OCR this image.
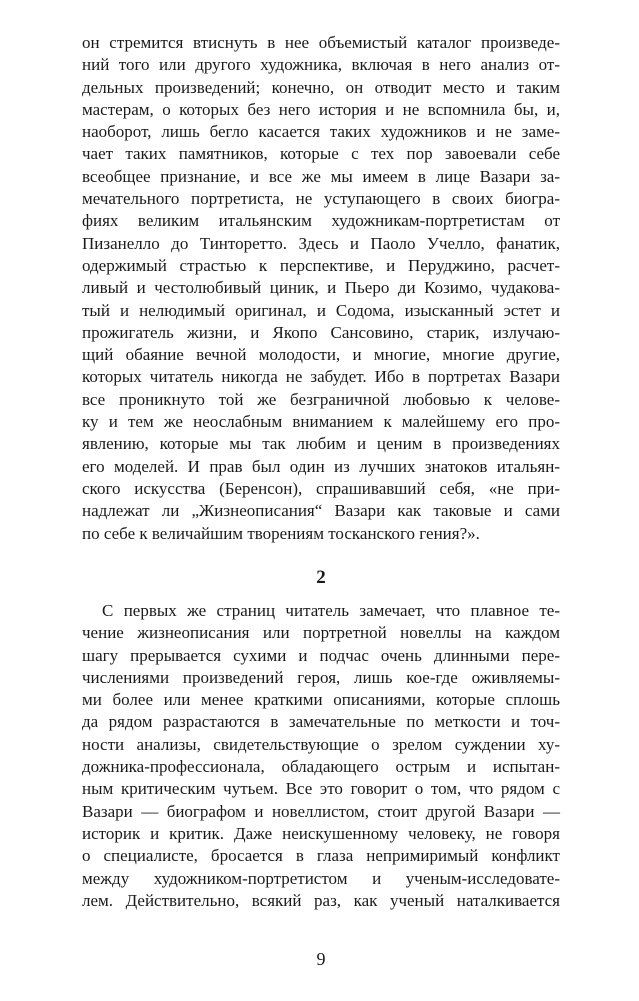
он стремится втиснуть в нее объемистый каталог произведе-
ний того или другого художника, включая в него анализ от-
дельных произведений; конечно, он отводит место и таким
мастерам, о которых без него история и не вспомнила бы, и,
наоборот, лишь бегло касается таких художников и не заме-
чает таких памятников, которые с тех пор завоевали себе
всеобщее признание, и все же мы имеем в лице Вазари за-
мечательного портретиста, не уступающего в своих биогра-
фиях великим итальянским художникам-портретистам от
Пизанелло до Тинторетто. Здесь и Паоло Учелло, фанатик,
одержимый страстью к перспективе, и Перуджино, расчет-
ливый и честолюбивый циник, и Пьеро ди Козимо, чудакова-
тый и нелюдимый оригинал, и Содома, изысканный эстет и
прожигатель жизни, и Якопо Сансовино, старик, излучаю-
щий обаяние вечной молодости, и многие, многие другие,
которых читатель никогда не забудет. Ибо в портретах Вазари
все проникнуто той же безграничной любовью к челове-
ку и тем же неослабным вниманием к малейшему его про-
явлению, которые мы так любим и ценим в произведениях
его моделей. И прав был один из лучших знатоков итальян-
ского искусства (Беренсон), спрашивавший себя, «не при-
надлежат ли „Жизнеописания“ Вазари как таковые и сами
по себе к величайшим творениям тосканского гения?».
2
С первых же страниц читатель замечает, что плавное те-
чение жизнеописания или портретной новеллы на каждом
шагу прерывается сухими и подчас очень длинными пере-
числениями произведений героя, лишь кое-где оживляемы-
ми более или менее краткими описаниями, которые сплошь
да рядом разрастаются в замечательные по меткости и точ-
ности анализы, свидетельствующие о зрелом суждении ху-
дожника-профессионала, обладающего острым и испытан-
ным критическим чутьем. Все это говорит о том, что рядом с
Вазари — биографом и новеллистом, стоит другой Вазари —
историк и критик. Даже неискушенному человеку, не говоря
о специалисте, бросается в глаза непримиримый конфликт
между художником-портретистом и ученым-исследовате-
лем. Действительно, всякий раз, как ученый наталкивается
9
